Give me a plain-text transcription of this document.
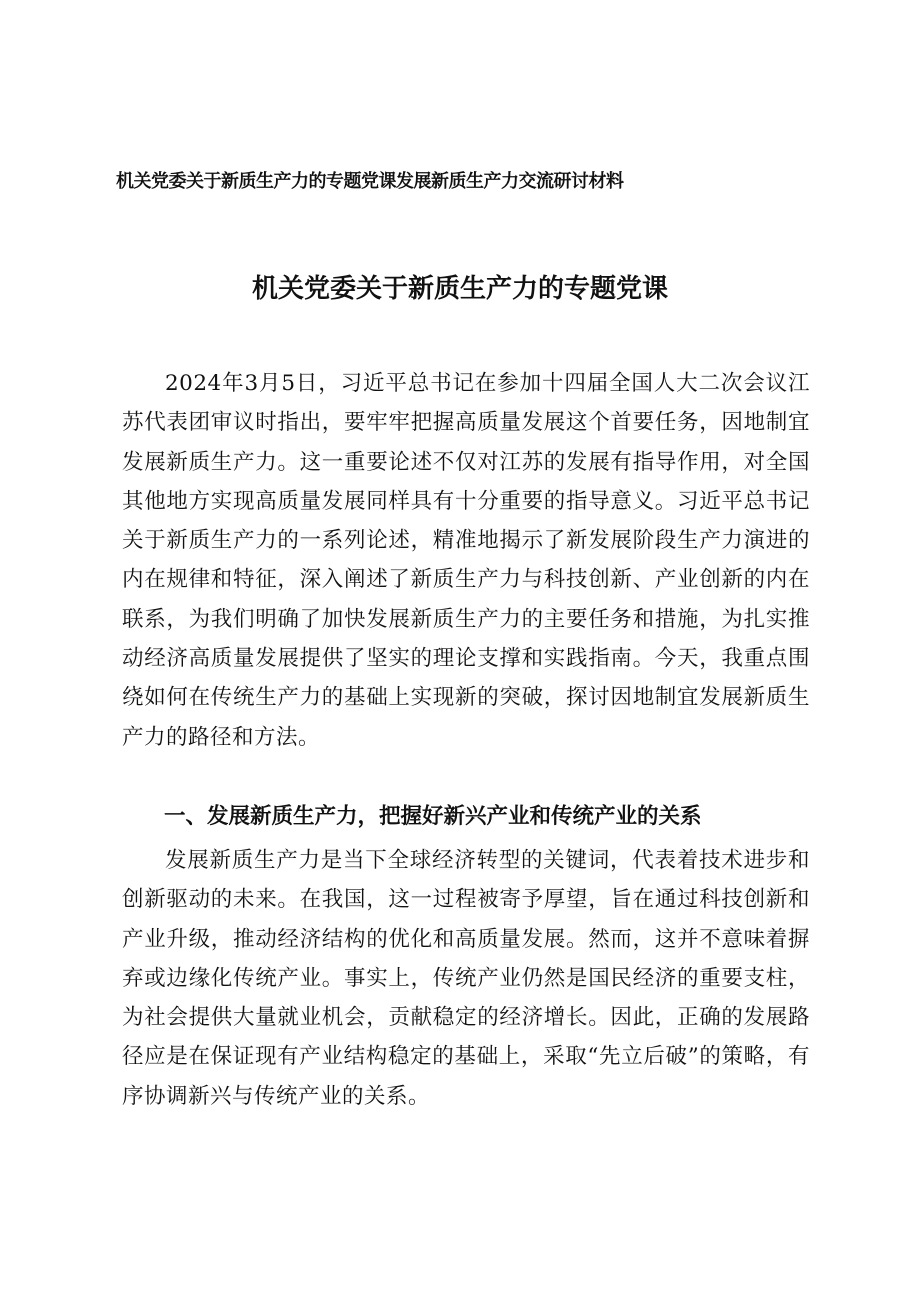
机关党委关于新质生产力的专题党课发展新质生产力交流研讨材料
机关党委关于新质生产力的专题党课

2024年3月5日，习近平总书记在参加十四届全国人大二次会议江苏代表团审议时指出，要牢牢把握高质量发展这个首要任务，因地制宜发展新质生产力。这一重要论述不仅对江苏的发展有指导作用，对全国其他地方实现高质量发展同样具有十分重要的指导意义。习近平总书记关于新质生产力的一系列论述，精准地揭示了新发展阶段生产力演进的内在规律和特征，深入阐述了新质生产力与科技创新、产业创新的内在联系，为我们明确了加快发展新质生产力的主要任务和措施，为扎实推动经济高质量发展提供了坚实的理论支撑和实践指南。今天，我重点围绕如何在传统生产力的基础上实现新的突破，探讨因地制宜发展新质生产力的路径和方法。

一、发展新质生产力，把握好新兴产业和传统产业的关系

发展新质生产力是当下全球经济转型的关键词，代表着技术进步和创新驱动的未来。在我国，这一过程被寄予厚望，旨在通过科技创新和产业升级，推动经济结构的优化和高质量发展。然而，这并不意味着摒弃或边缘化传统产业。事实上，传统产业仍然是国民经济的重要支柱，为社会提供大量就业机会，贡献稳定的经济增长。因此，正确的发展路径应是在保证现有产业结构稳定的基础上，采取“先立后破”的策略，有序协调新兴与传统产业的关系。
